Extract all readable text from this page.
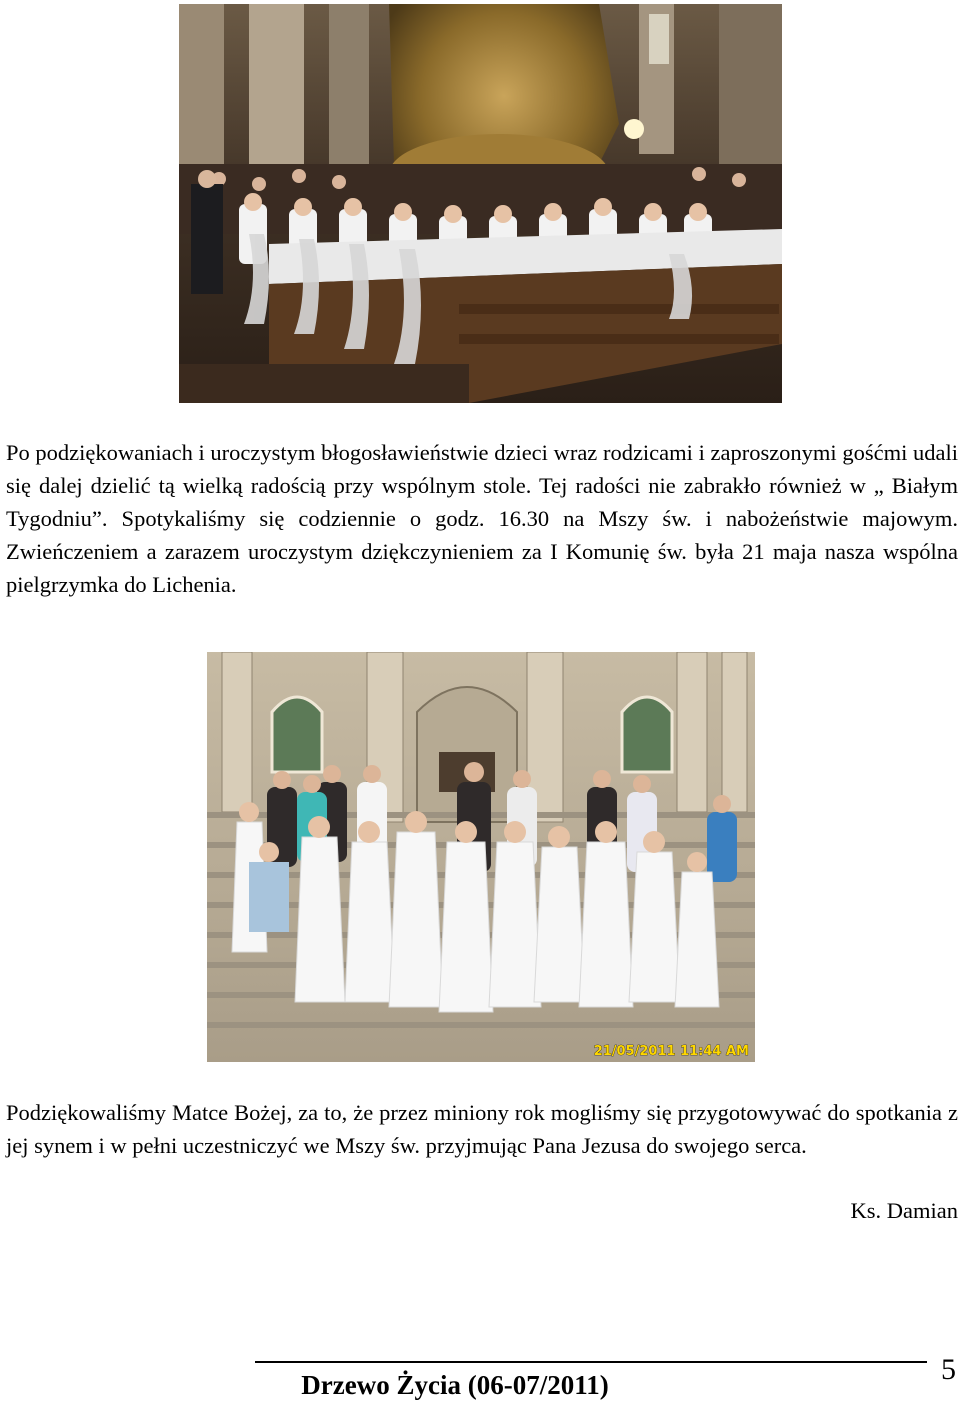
Po podziękowaniach i uroczystym błogosławieństwie dzieci wraz rodzicami i zaproszonymi gośćmi udali się dalej dzielić tą wielką radością przy wspólnym stole. Tej radości nie zabrakło również w „ Białym Tygodniu”. Spotykaliśmy się codziennie o godz. 16.30 na Mszy św. i nabożeństwie majowym. Zwieńczeniem a zarazem uroczystym dziękczynieniem za I Komunię św. była 21 maja nasza wspólna pielgrzymka do Lichenia.

21/05/2011 11:44 AM

Podziękowaliśmy Matce Bożej, za to, że przez miniony rok mogliśmy się przygotowywać do spotkania z jej synem i w pełni uczestniczyć we Mszy św. przyjmując Pana Jezusa do swojego serca.

Ks. Damian
Drzewo Życia (06-07/2011)	5
